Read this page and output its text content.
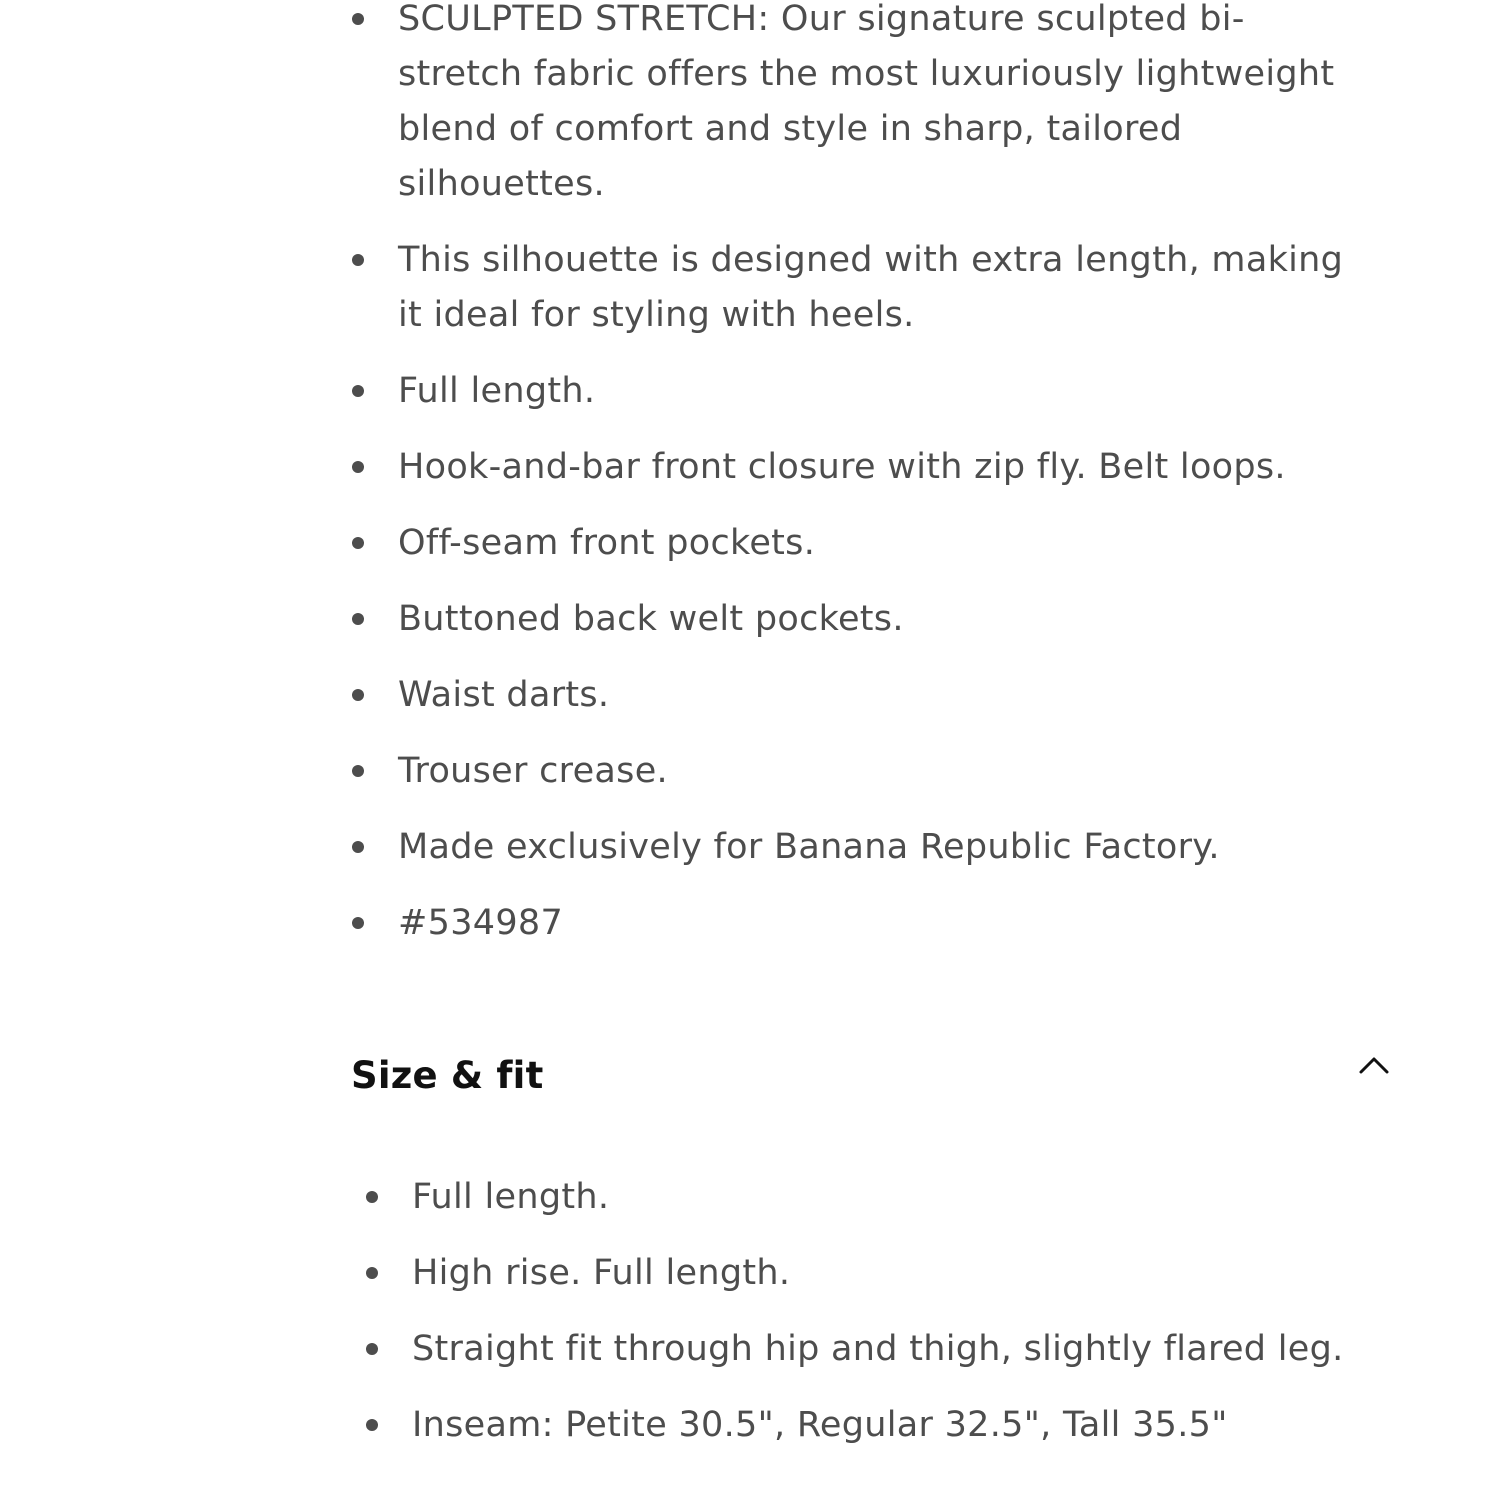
SCULPTED STRETCH: Our signature sculpted bi-stretch fabric offers the most luxuriously lightweight blend of comfort and style in sharp, tailored silhouettes.
This silhouette is designed with extra length, making it ideal for styling with heels.
Full length.
Hook-and-bar front closure with zip fly. Belt loops.
Off-seam front pockets.
Buttoned back welt pockets.
Waist darts.
Trouser crease.
Made exclusively for Banana Republic Factory.
#534987
Size & fit
Full length.
High rise. Full length.
Straight fit through hip and thigh, slightly flared leg.
Inseam: Petite 30.5", Regular 32.5", Tall 35.5"
